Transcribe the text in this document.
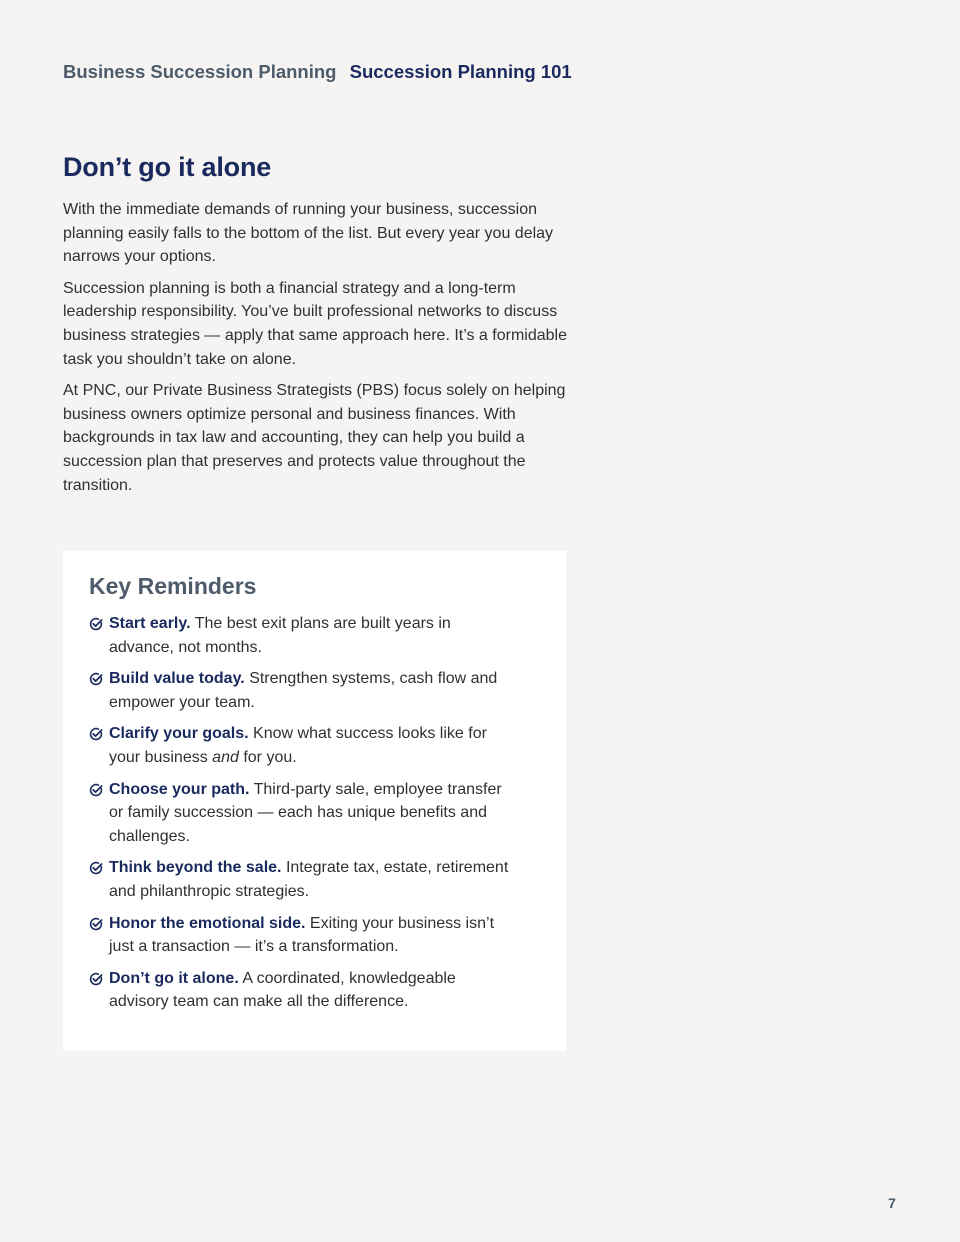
Business Succession Planning Succession Planning 101
Don’t go it alone

With the immediate demands of running your business, succession planning easily falls to the bottom of the list. But every year you delay narrows your options.

Succession planning is both a financial strategy and a long-term leadership responsibility. You’ve built professional networks to discuss business strategies — apply that same approach here. It’s a formidable task you shouldn’t take on alone.

At PNC, our Private Business Strategists (PBS) focus solely on helping business owners optimize personal and business finances. With backgrounds in tax law and accounting, they can help you build a succession plan that preserves and protects value throughout the transition.

Key Reminders
Start early. The best exit plans are built years in advance, not months.
Build value today. Strengthen systems, cash flow and empower your team.
Clarify your goals. Know what success looks like for your business and for you.
Choose your path. Third-party sale, employee transfer or family succession — each has unique benefits and challenges.
Think beyond the sale. Integrate tax, estate, retirement and philanthropic strategies.
Honor the emotional side. Exiting your business isn’t just a transaction — it’s a transformation.
Don’t go it alone. A coordinated, knowledgeable advisory team can make all the difference.
7
